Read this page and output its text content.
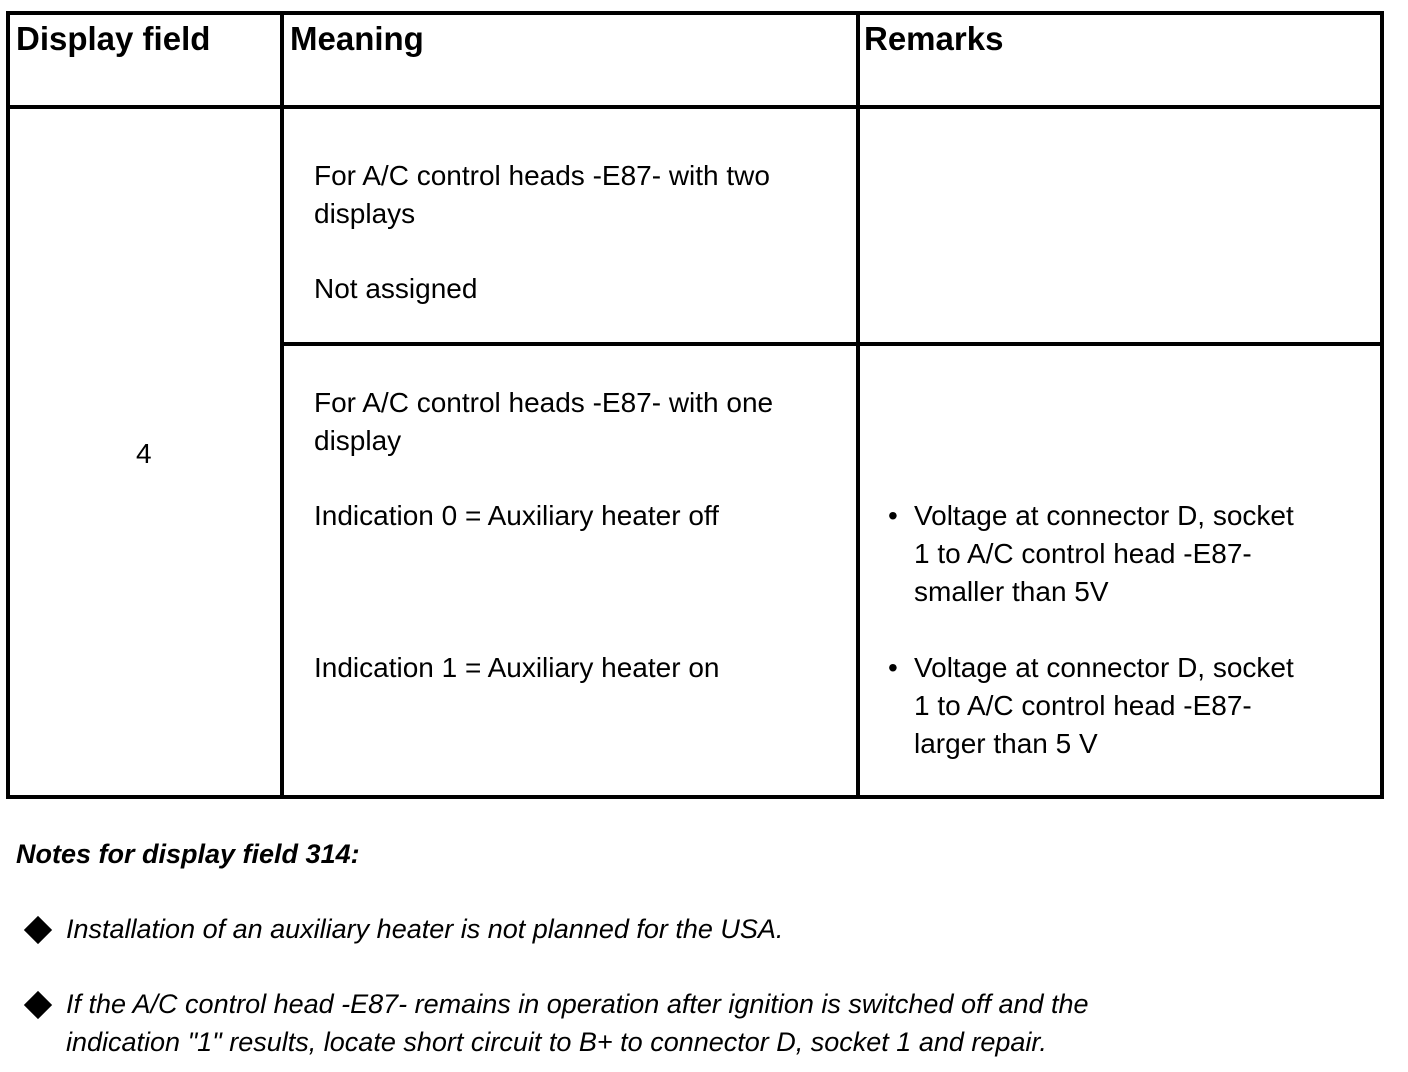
Display field Meaning	Remarks
4
For A/C control heads -E87- with two
displays
Not assigned
For A/C control heads -E87- with one
display
Indication 0 = Auxiliary heater off
Indication 1 = Auxiliary heater on
• Voltage at connector D, socket
1 to A/C control head -E87-
smaller than 5V
• Voltage at connector D, socket
1 to A/C control head -E87-
larger than 5 V
Notes for display field 314:
Installation of an auxiliary heater is not planned for the USA.
If the A/C control head -E87- remains in operation after ignition is switched off and the
indication "1" results, locate short circuit to B+ to connector D, socket 1 and repair.
